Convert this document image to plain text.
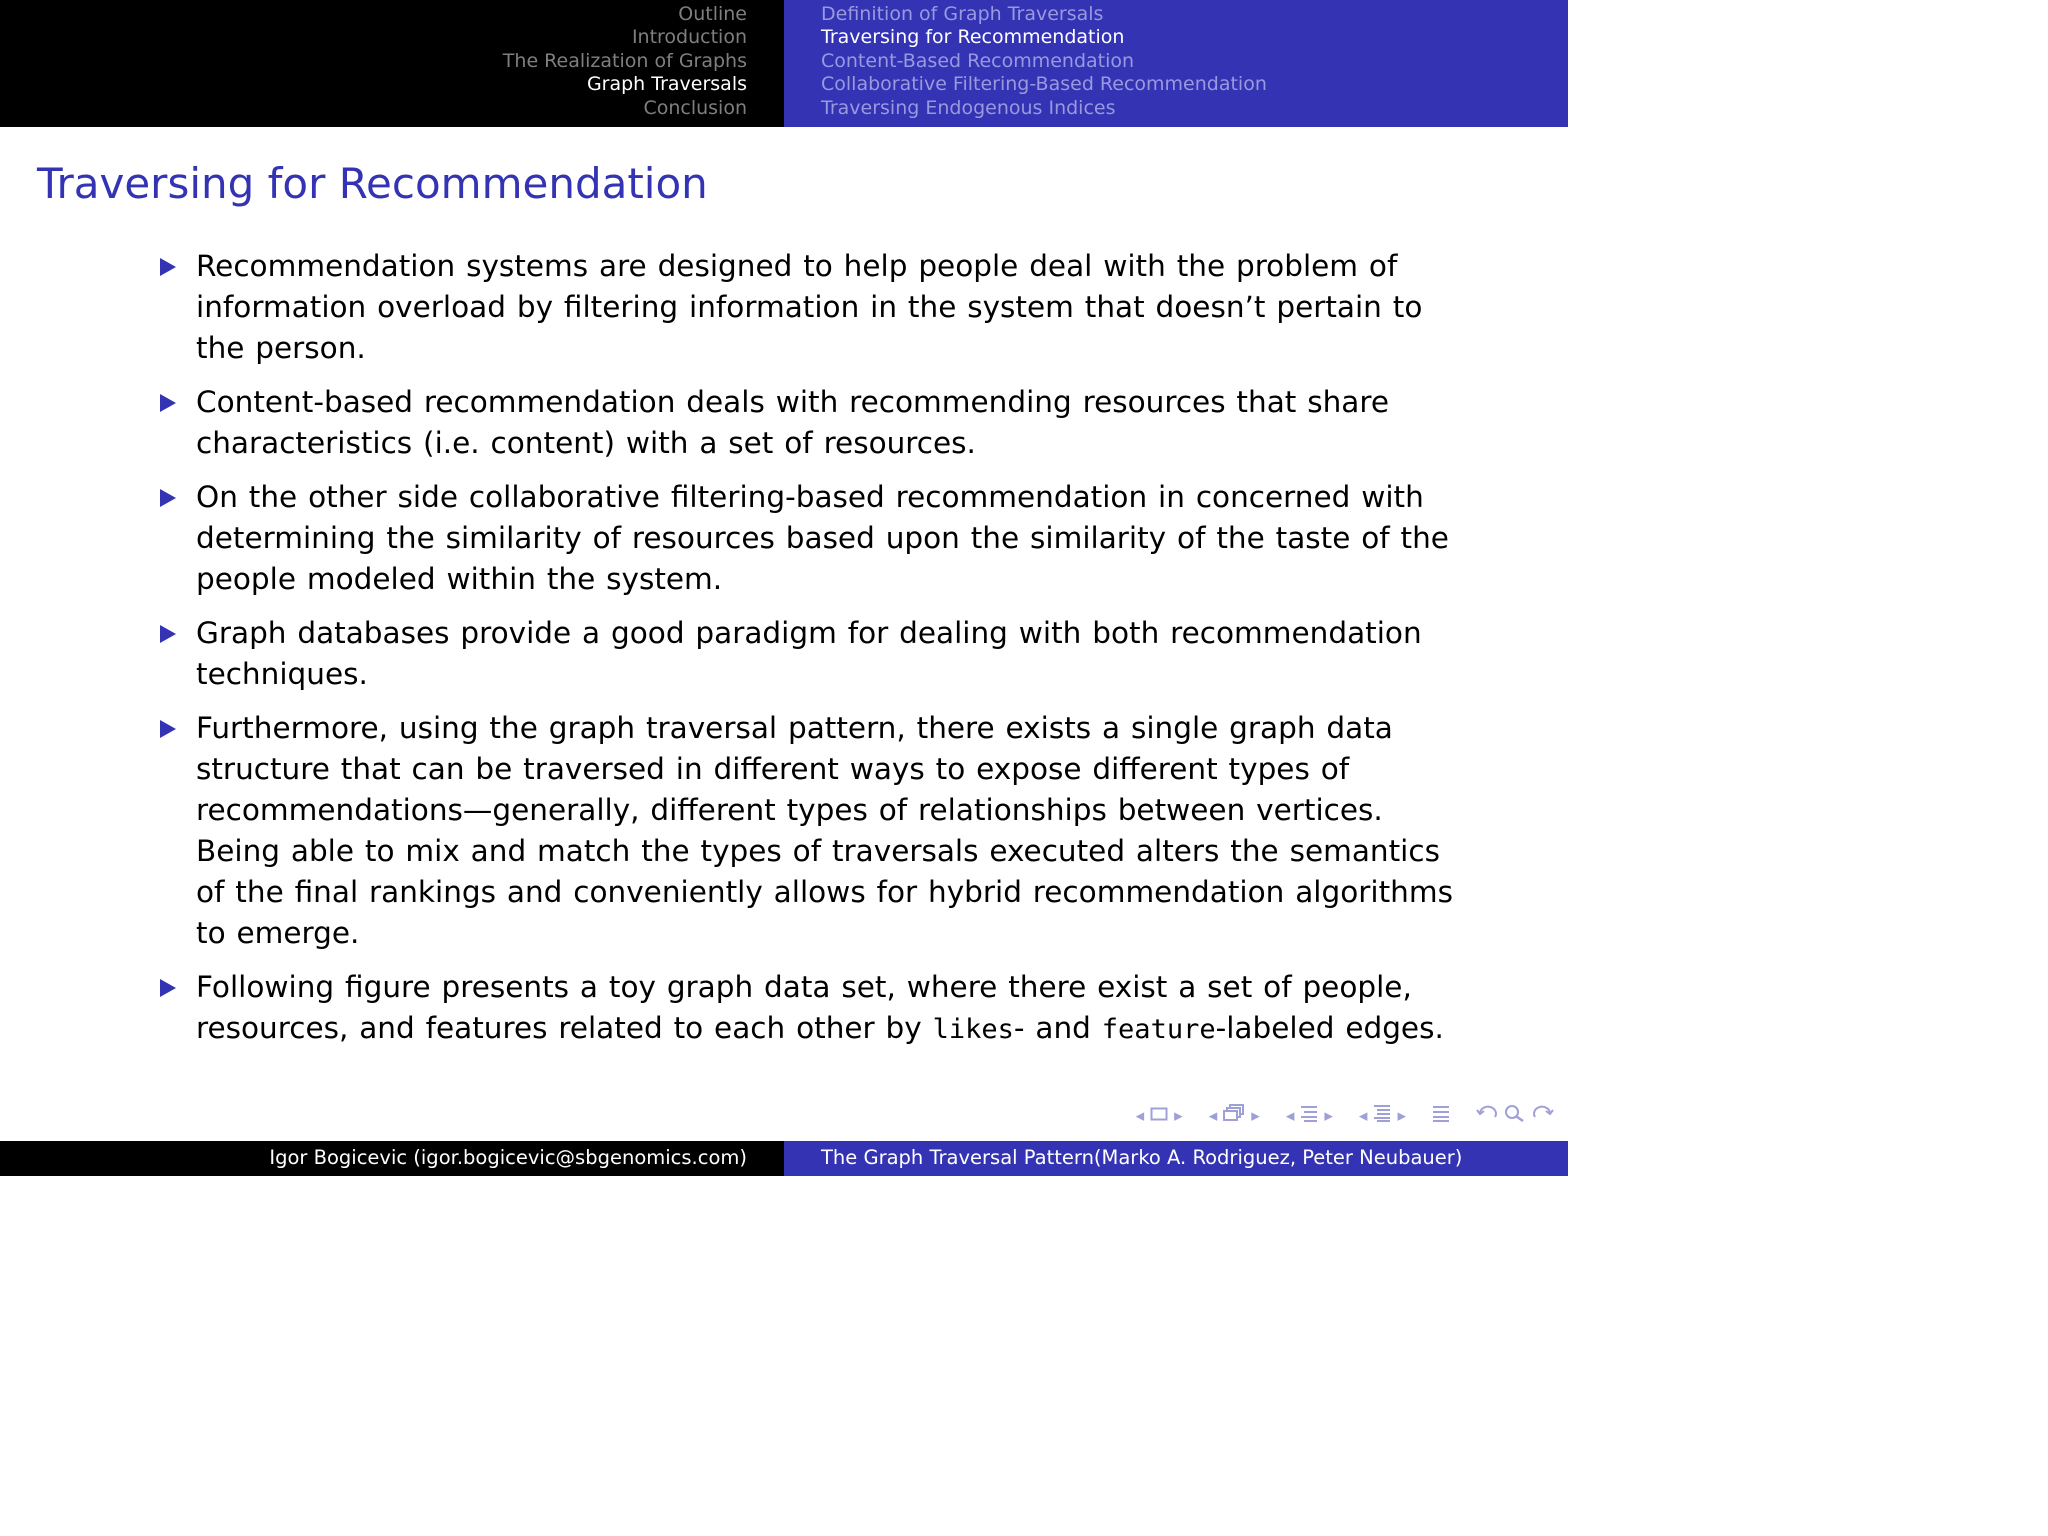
Outline
Introduction
The Realization of Graphs
Graph Traversals
Conclusion
Definition of Graph Traversals
Traversing for Recommendation
Content-Based Recommendation
Collaborative Filtering-Based Recommendation
Traversing Endogenous Indices
Traversing for Recommendation
Recommendation systems are designed to help people deal with the problem of information overload by filtering information in the system that doesn’t pertain to the person.
Content-based recommendation deals with recommending resources that share characteristics (i.e. content) with a set of resources.
On the other side collaborative filtering-based recommendation in concerned with determining the similarity of resources based upon the similarity of the taste of the people modeled within the system.
Graph databases provide a good paradigm for dealing with both recommendation techniques.
Furthermore, using the graph traversal pattern, there exists a single graph data structure that can be traversed in different ways to expose different types of recommendations—generally, different types of relationships between vertices. Being able to mix and match the types of traversals executed alters the semantics of the final rankings and conveniently allows for hybrid recommendation algorithms to emerge.
Following figure presents a toy graph data set, where there exist a set of people, resources, and features related to each other by likes- and feature-labeled edges.
◂ ▸ ◂ ▸ ◂ ▸ ◂ ▸
Igor Bogicevic (igor.bogicevic@sbgenomics.com)	The Graph Traversal Pattern(Marko A. Rodriguez, Peter Neubauer)
